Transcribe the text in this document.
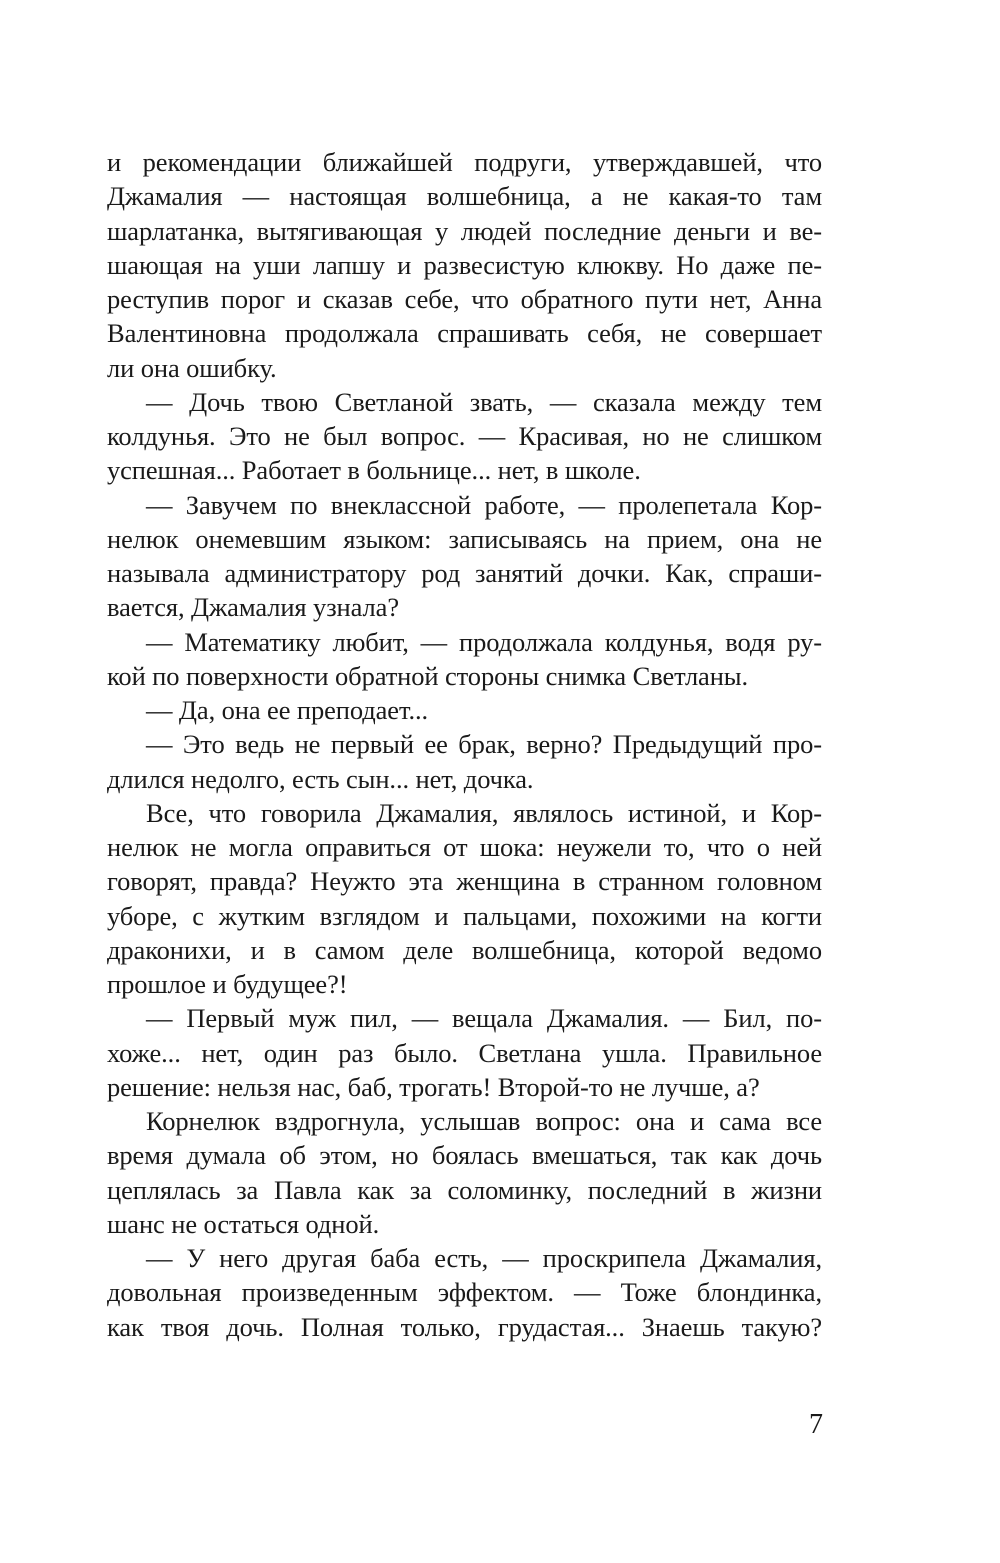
и рекомендации ближайшей подруги, утверждавшей, что
Джамалия — настоящая волшебница, а не какая-то там
шарлатанка, вытягивающая у людей последние деньги и ве-
шающая на уши лапшу и развесистую клюкву. Но даже пе-
реступив порог и сказав себе, что обратного пути нет, Анна
Валентиновна продолжала спрашивать себя, не совершает
ли она ошибку.
— Дочь твою Светланой звать, — сказала между тем
колдунья. Это не был вопрос. — Красивая, но не слишком
успешная... Работает в больнице... нет, в школе.
— Завучем по внеклассной работе, — пролепетала Кор-
нелюк онемевшим языком: записываясь на прием, она не
называла администратору род занятий дочки. Как, спраши-
вается, Джамалия узнала?
— Математику любит, — продолжала колдунья, водя ру-
кой по поверхности обратной стороны снимка Светланы.
— Да, она ее преподает...
— Это ведь не первый ее брак, верно? Предыдущий про-
длился недолго, есть сын... нет, дочка.
Все, что говорила Джамалия, являлось истиной, и Кор-
нелюк не могла оправиться от шока: неужели то, что о ней
говорят, правда? Неужто эта женщина в странном головном
уборе, с жутким взглядом и пальцами, похожими на когти
драконихи, и в самом деле волшебница, которой ведомо
прошлое и будущее?!
— Первый муж пил, — вещала Джамалия. — Бил, по-
хоже... нет, один раз было. Светлана ушла. Правильное
решение: нельзя нас, баб, трогать! Второй-то не лучше, а?
Корнелюк вздрогнула, услышав вопрос: она и сама все
время думала об этом, но боялась вмешаться, так как дочь
цеплялась за Павла как за соломинку, последний в жизни
шанс не остаться одной.
— У него другая баба есть, — проскрипела Джамалия,
довольная произведенным эффектом. — Тоже блондинка,
как твоя дочь. Полная только, грудастая... Знаешь такую?
7
